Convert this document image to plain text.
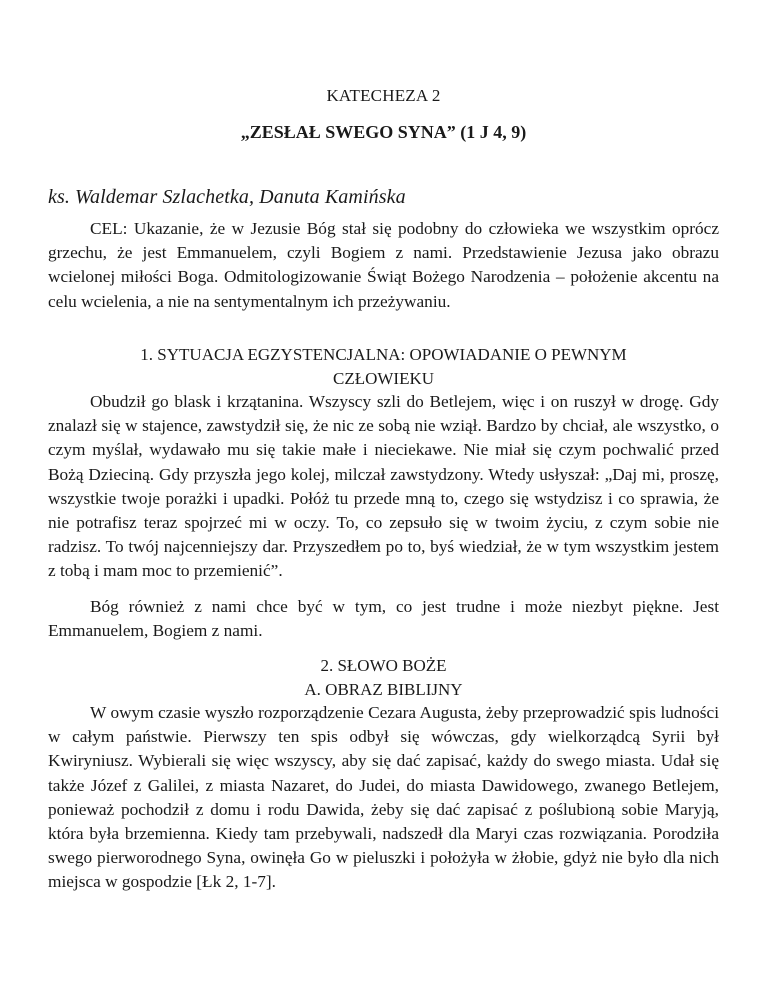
KATECHEZA 2
„ZESŁAŁ SWEGO SYNA” (1 J 4, 9)
ks. Waldemar Szlachetka, Danuta Kamińska

CEL: Ukazanie, że w Jezusie Bóg stał się podobny do człowieka we wszystkim oprócz grzechu, że jest Emmanuelem, czyli Bogiem z nami. Przedstawienie Jezusa jako obrazu wcielonej miłości Boga. Odmitologizowanie Świąt Bożego Narodzenia – położenie akcentu na celu wcielenia, a nie na sentymentalnym ich przeżywaniu.

1. SYTUACJA EGZYSTENCJALNA: OPOWIADANIE O PEWNYM
CZŁOWIEKU

Obudził go blask i krzątanina. Wszyscy szli do Betlejem, więc i on ruszył w drogę. Gdy znalazł się w stajence, zawstydził się, że nic ze sobą nie wziął. Bardzo by chciał, ale wszystko, o czym myślał, wydawało mu się takie małe i nieciekawe. Nie miał się czym pochwalić przed Bożą Dzieciną. Gdy przyszła jego kolej, milczał zawstydzony. Wtedy usłyszał: „Daj mi, proszę, wszystkie twoje porażki i upadki. Połóż tu przede mną to, czego się wstydzisz i co sprawia, że nie potrafisz teraz spojrzeć mi w oczy. To, co zepsuło się w twoim życiu, z czym sobie nie radzisz. To twój najcenniejszy dar. Przyszedłem po to, byś wiedział, że w tym wszystkim jestem z tobą i mam moc to przemienić”.

Bóg również z nami chce być w tym, co jest trudne i może niezbyt piękne. Jest Emmanuelem, Bogiem z nami.

2. SŁOWO BOŻE
A. OBRAZ BIBLIJNY

W owym czasie wyszło rozporządzenie Cezara Augusta, żeby przeprowadzić spis ludności w całym państwie. Pierwszy ten spis odbył się wówczas, gdy wielkorządcą Syrii był Kwiryniusz. Wybierali się więc wszyscy, aby się dać zapisać, każdy do swego miasta. Udał się także Józef z Galilei, z miasta Nazaret, do Judei, do miasta Dawidowego, zwanego Betlejem, ponieważ pochodził z domu i rodu Dawida, żeby się dać zapisać z poślubioną sobie Maryją, która była brzemienna. Kiedy tam przebywali, nadszedł dla Maryi czas rozwiązania. Porodziła swego pierworodnego Syna, owinęła Go w pieluszki i położyła w żłobie, gdyż nie było dla nich miejsca w gospodzie [Łk 2, 1-7].
